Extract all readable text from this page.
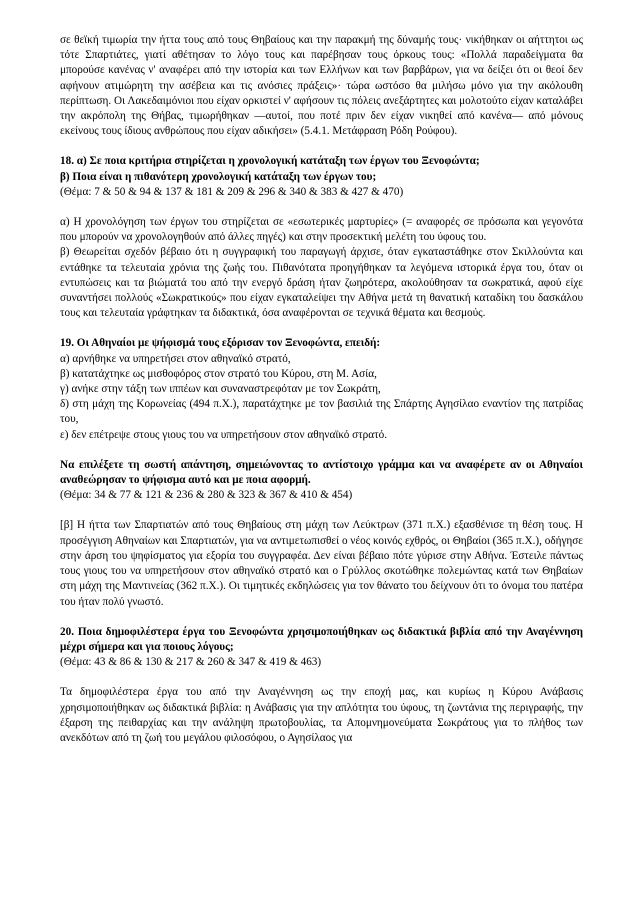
σε θεϊκή τιμωρία την ήττα τους από τους Θηβαίους και την παρακμή της δύναμής τους· νικήθηκαν οι αήττητοι ως τότε Σπαρτιάτες, γιατί αθέτησαν το λόγο τους και παρέβησαν τους όρκους τους: «Πολλά παραδείγματα θα μπορούσε κανένας ν' αναφέρει από την ιστορία και των Ελλήνων και των βαρβάρων, για να δείξει ότι οι θεοί δεν αφήνουν ατιμώρητη την ασέβεια και τις ανόσιες πράξεις»· τώρα ωστόσο θα μιλήσω μόνο για την ακόλουθη περίπτωση. Οι Λακεδαιμόνιοι που είχαν ορκιστεί ν' αφήσουν τις πόλεις ανεξάρτητες και μολοτούτο είχαν καταλάβει την ακρόπολη της Θήβας, τιμωρήθηκαν —αυτοί, που ποτέ πριν δεν είχαν νικηθεί από κανένα— από μόνους εκείνους τους ίδιους ανθρώπους που είχαν αδικήσει» (5.4.1. Μετάφραση Ρόδη Ρούφου).

18. α) Σε ποια κριτήρια στηρίζεται η χρονολογική κατάταξη των έργων του Ξενοφώντα;

β) Ποια είναι η πιθανότερη χρονολογική κατάταξη των έργων του;

(Θέμα: 7 & 50 & 94 & 137 & 181 & 209 & 296 & 340 & 383 & 427 & 470)

α) Η χρονολόγηση των έργων του στηρίζεται σε «εσωτερικές μαρτυρίες» (= αναφορές σε πρόσωπα και γεγονότα που μπορούν να χρονολογηθούν από άλλες πηγές) και στην προσεκτική μελέτη του ύφους του.

β) Θεωρείται σχεδόν βέβαιο ότι η συγγραφική του παραγωγή άρχισε, όταν εγκαταστάθηκε στον Σκιλλούντα και εντάθηκε τα τελευταία χρόνια της ζωής του. Πιθανότατα προηγήθηκαν τα λεγόμενα ιστορικά έργα του, όταν οι εντυπώσεις και τα βιώματά του από την ενεργό δράση ήταν ζωηρότερα, ακολούθησαν τα σωκρατικά, αφού είχε συναντήσει πολλούς «Σωκρατικούς» που είχαν εγκαταλείψει την Αθήνα μετά τη θανατική καταδίκη του δασκάλου τους και τελευταία γράφτηκαν τα διδακτικά, όσα αναφέρονται σε τεχνικά θέματα και θεσμούς.

19. Οι Αθηναίοι με ψήφισμά τους εξόρισαν τον Ξενοφώντα, επειδή:

α) αρνήθηκε να υπηρετήσει στον αθηναϊκό στρατό,

β) κατατάχτηκε ως μισθοφόρος στον στρατό του Κύρου, στη Μ. Ασία,

γ) ανήκε στην τάξη των ιππέων και συναναστρεφόταν με τον Σωκράτη,

δ) στη μάχη της Κορωνείας (494 π.Χ.), παρατάχτηκε με τον βασιλιά της Σπάρτης Αγησίλαο εναντίον της πατρίδας του,

ε) δεν επέτρεψε στους γιους του να υπηρετήσουν στον αθηναϊκό στρατό.

Να επιλέξετε τη σωστή απάντηση, σημειώνοντας το αντίστοιχο γράμμα και να αναφέρετε αν οι Αθηναίοι αναθεώρησαν το ψήφισμα αυτό και με ποια αφορμή.

(Θέμα: 34 & 77 & 121 & 236 & 280 & 323 & 367 & 410 & 454)

[β] Η ήττα των Σπαρτιατών από τους Θηβαίους στη μάχη των Λεύκτρων (371 π.Χ.) εξασθένισε τη θέση τους. Η προσέγγιση Αθηναίων και Σπαρτιατών, για να αντιμετωπισθεί ο νέος κοινός εχθρός, οι Θηβαίοι (365 π.Χ.), οδήγησε στην άρση του ψηφίσματος για εξορία του συγγραφέα. Δεν είναι βέβαιο πότε γύρισε στην Αθήνα. Έστειλε πάντως τους γιους του να υπηρετήσουν στον αθηναϊκό στρατό και ο Γρύλλος σκοτώθηκε πολεμώντας κατά των Θηβαίων στη μάχη της Μαντινείας (362 π.Χ.). Οι τιμητικές εκδηλώσεις για τον θάνατο του δείχνουν ότι το όνομα του πατέρα του ήταν πολύ γνωστό.

20. Ποια δημοφιλέστερα έργα του Ξενοφώντα χρησιμοποιήθηκαν ως διδακτικά βιβλία από την Αναγέννηση μέχρι σήμερα και για ποιους λόγους;

(Θέμα: 43 & 86 & 130 & 217 & 260 & 347 & 419 & 463)

Τα δημοφιλέστερα έργα του από την Αναγέννηση ως την εποχή μας, και κυρίως η Κύρου Ανάβασις χρησιμοποιήθηκαν ως διδακτικά βιβλία: η Ανάβασις για την απλότητα του ύφους, τη ζωντάνια της περιγραφής, την έξαρση της πειθαρχίας και την ανάληψη πρωτοβουλίας, τα Απομνημονεύματα Σωκράτους για το πλήθος των ανεκδότων από τη ζωή του μεγάλου φιλοσόφου, ο Αγησίλαος για
